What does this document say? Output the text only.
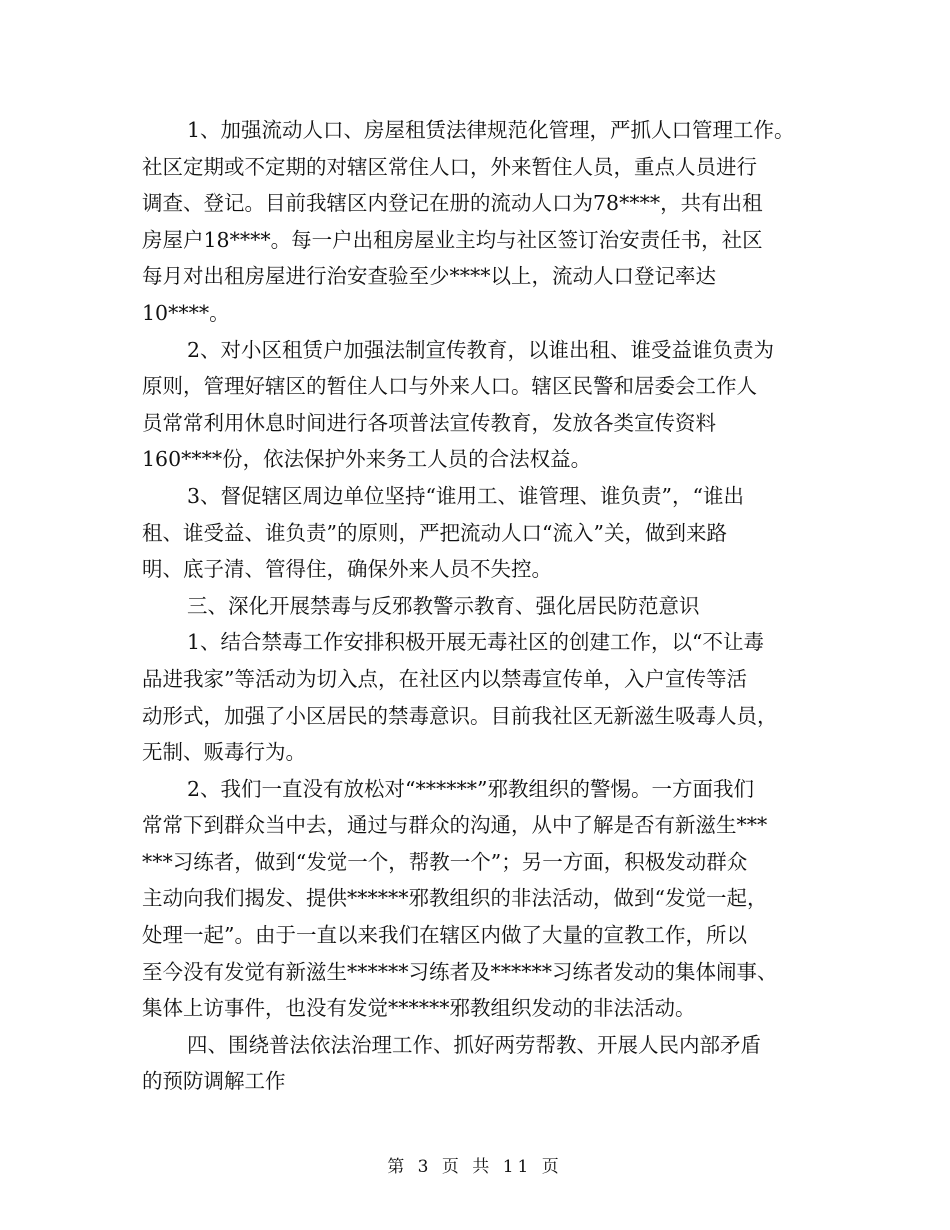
1、加强流动人口、房屋租赁法律规范化管理，严抓人口管理工作。
社区定期或不定期的对辖区常住人口，外来暂住人员，重点人员进行
调查、登记。目前我辖区内登记在册的流动人口为78****，共有出租
房屋户18****。每一户出租房屋业主均与社区签订治安责任书，社区
每月对出租房屋进行治安查验至少****以上，流动人口登记率达
10****。

2、对小区租赁户加强法制宣传教育，以谁出租、谁受益谁负责为
原则，管理好辖区的暂住人口与外来人口。辖区民警和居委会工作人
员常常利用休息时间进行各项普法宣传教育，发放各类宣传资料
160****份，依法保护外来务工人员的合法权益。

3、督促辖区周边单位坚持“谁用工、谁管理、谁负责”，“谁出
租、谁受益、谁负责”的原则，严把流动人口“流入”关，做到来路
明、底子清、管得住，确保外来人员不失控。

三、深化开展禁毒与反邪教警示教育、强化居民防范意识

1、结合禁毒工作安排积极开展无毒社区的创建工作，以“不让毒
品进我家”等活动为切入点，在社区内以禁毒宣传单，入户宣传等活
动形式，加强了小区居民的禁毒意识。目前我社区无新滋生吸毒人员，
无制、贩毒行为。

2、我们一直没有放松对“******”邪教组织的警惕。一方面我们
常常下到群众当中去，通过与群众的沟通，从中了解是否有新滋生***
***习练者，做到“发觉一个，帮教一个”；另一方面，积极发动群众
主动向我们揭发、提供******邪教组织的非法活动，做到“发觉一起，
处理一起”。由于一直以来我们在辖区内做了大量的宣教工作，所以
至今没有发觉有新滋生******习练者及******习练者发动的集体闹事、
集体上访事件，也没有发觉******邪教组织发动的非法活动。

四、围绕普法依法治理工作、抓好两劳帮教、开展人民内部矛盾
的预防调解工作

第 3 页 共 11 页
